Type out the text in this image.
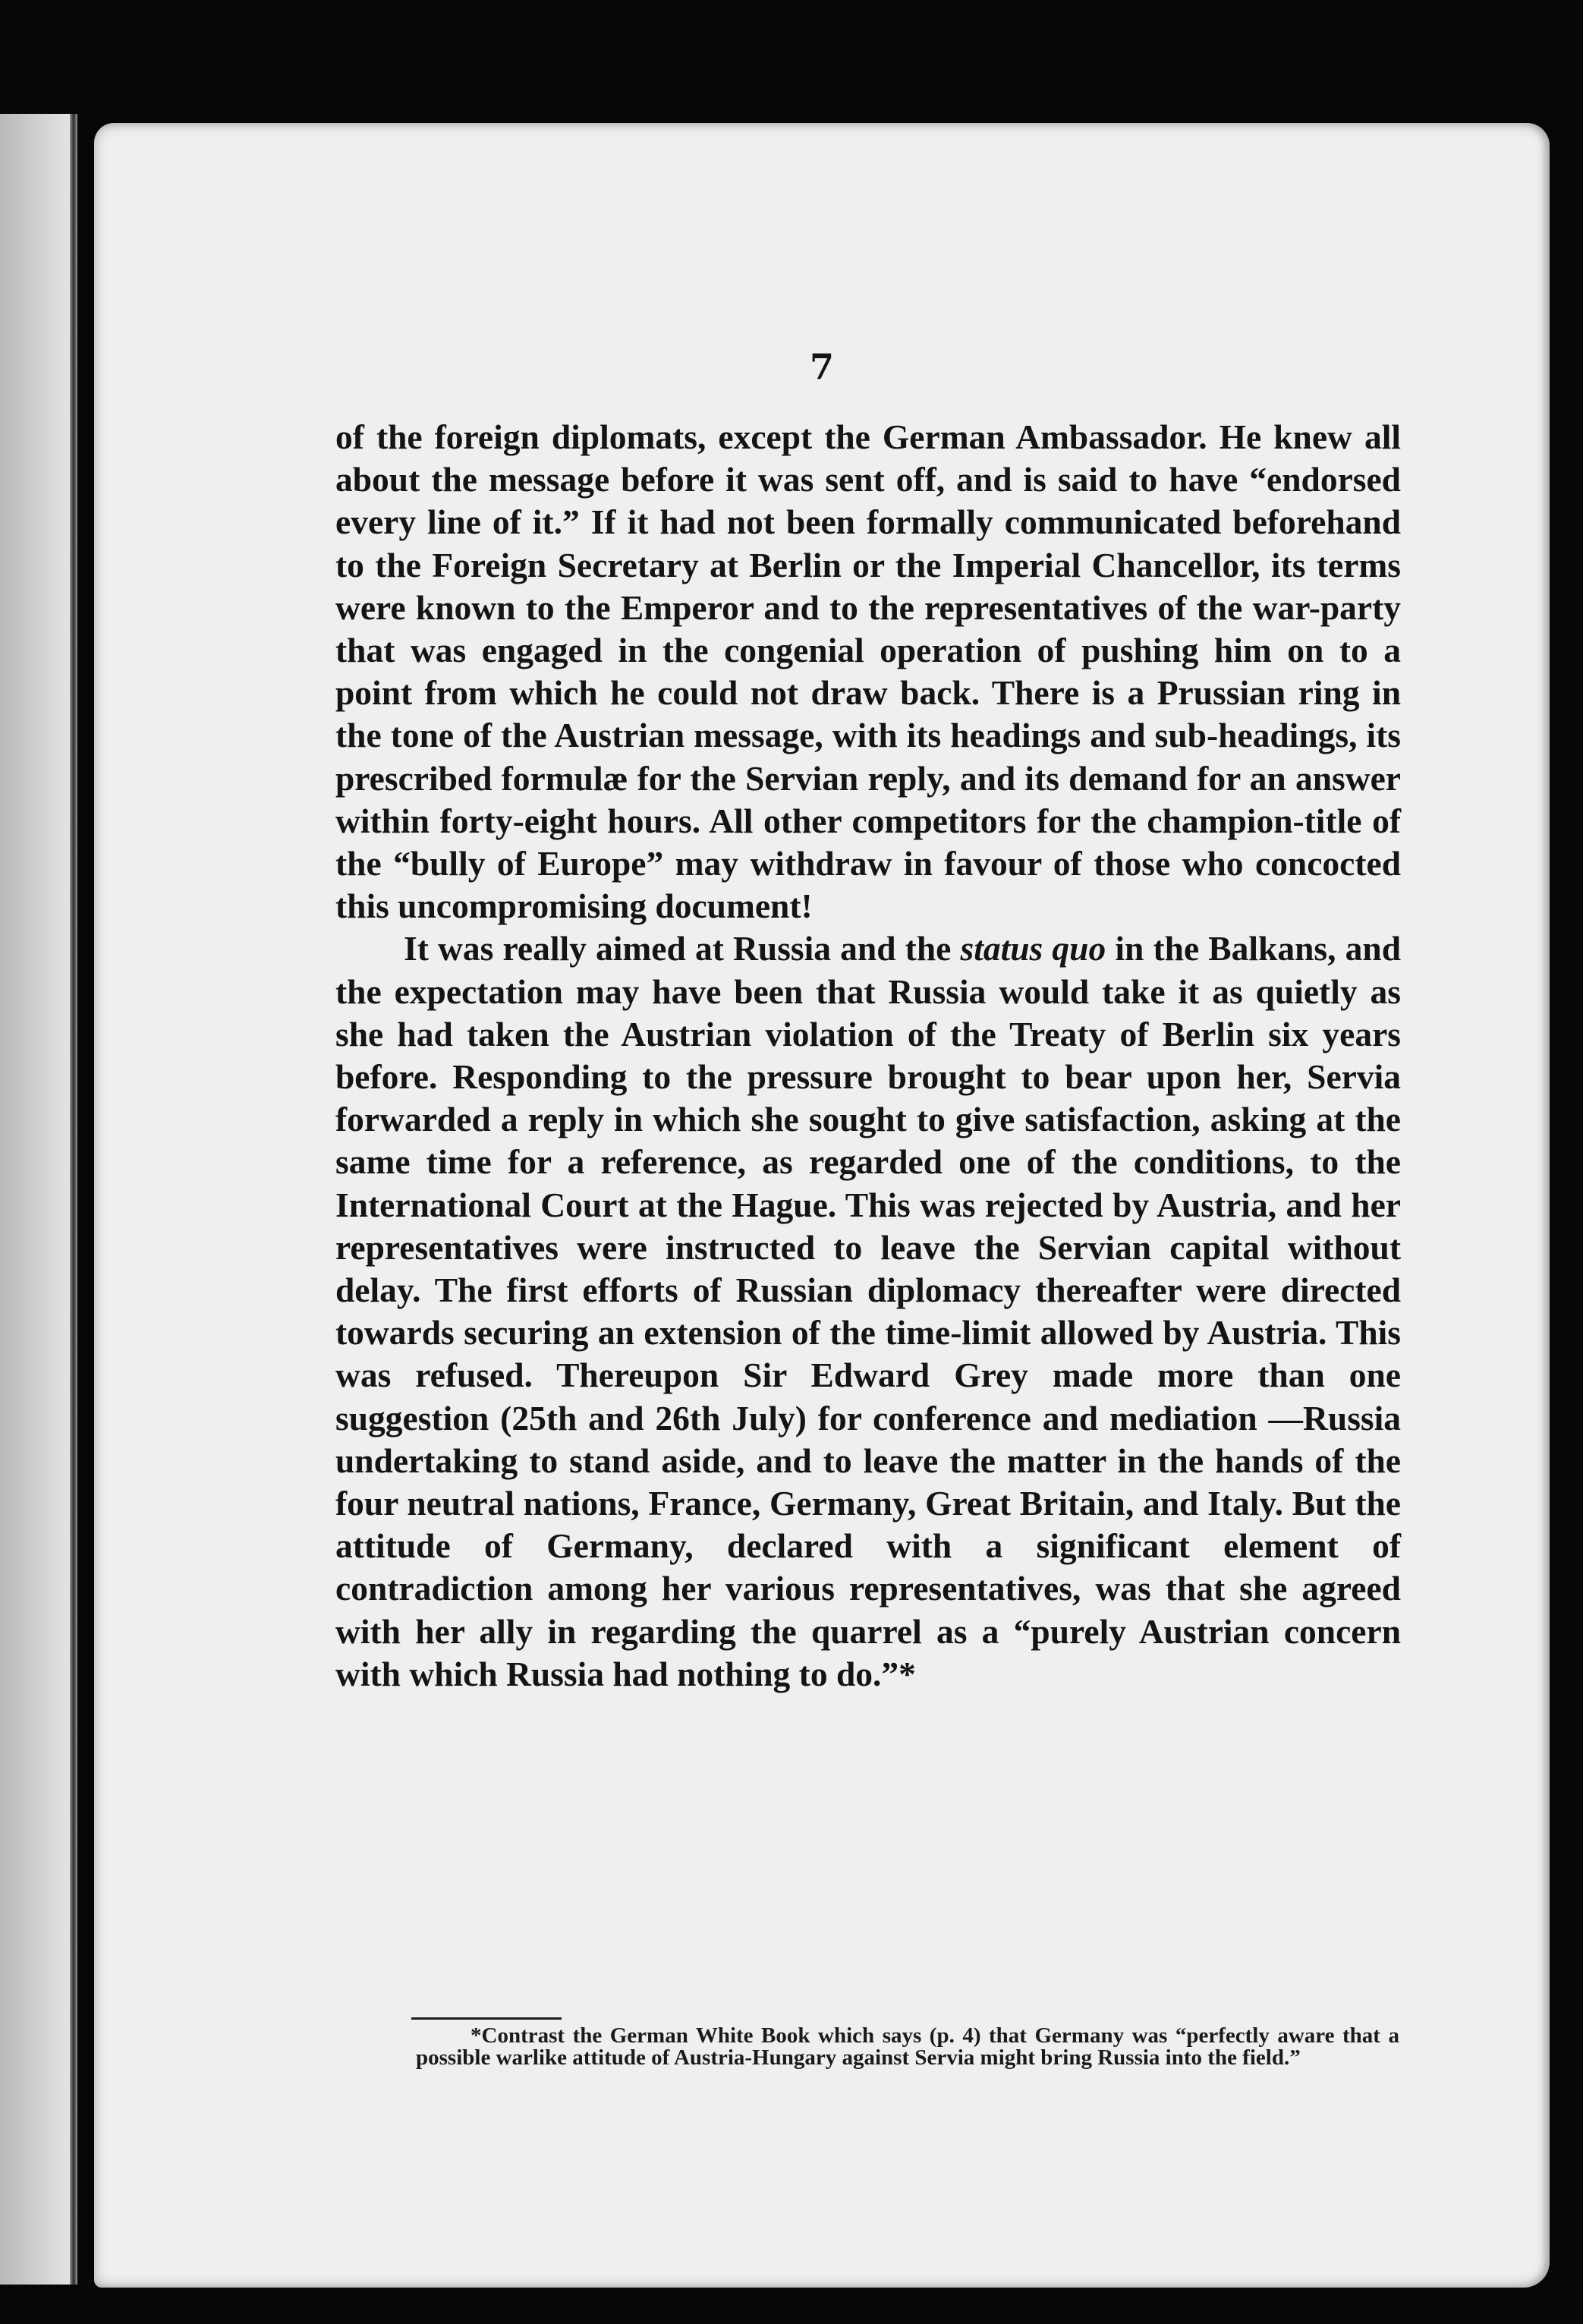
7

of the foreign diplomats, except the German Ambassador. He knew all about the message before it was sent off, and is said to have “endorsed every line of it.” If it had not been formally communicated beforehand to the Foreign Secretary at Berlin or the Imperial Chancellor, its terms were known to the Emperor and to the representatives of the war-party that was engaged in the congenial operation of pushing him on to a point from which he could not draw back. There is a Prussian ring in the tone of the Austrian message, with its headings and sub-headings, its prescribed formulæ for the Servian reply, and its demand for an answer within forty-eight hours. All other competitors for the champion-title of the “bully of Europe” may withdraw in favour of those who concocted this uncompromising document!

It was really aimed at Russia and the status quo in the Balkans, and the expectation may have been that Russia would take it as quietly as she had taken the Austrian violation of the Treaty of Berlin six years before. Responding to the pressure brought to bear upon her, Servia forwarded a reply in which she sought to give satisfaction, asking at the same time for a reference, as regarded one of the conditions, to the International Court at the Hague. This was rejected by Austria, and her representatives were instructed to leave the Servian capital without delay. The first efforts of Russian diplomacy thereafter were directed towards securing an extension of the time-limit allowed by Austria. This was refused. Thereupon Sir Edward Grey made more than one suggestion (25th and 26th July) for conference and mediation —Russia undertaking to stand aside, and to leave the matter in the hands of the four neutral nations, France, Germany, Great Britain, and Italy. But the attitude of Germany, declared with a significant element of contradiction among her various representatives, was that she agreed with her ally in regarding the quarrel as a “purely Austrian concern with which Russia had nothing to do.”*

*Contrast the German White Book which says (p. 4) that Germany was “perfectly aware that a possible warlike attitude of Austria-Hungary against Servia might bring Russia into the field.”
